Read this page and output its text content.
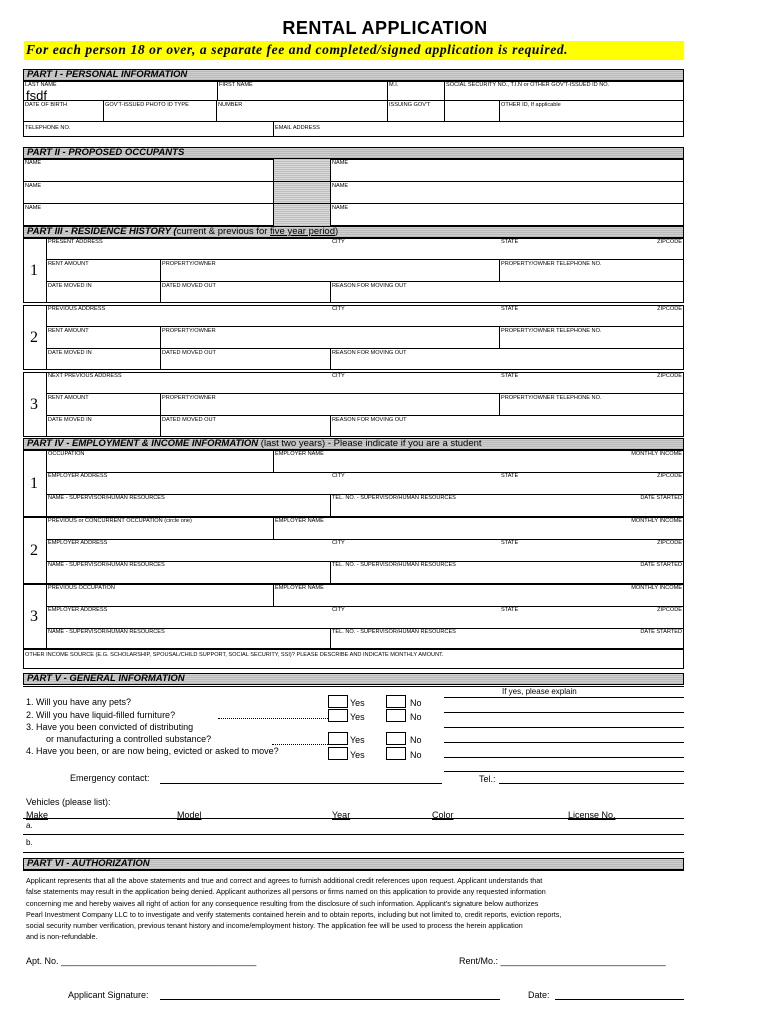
RENTAL APPLICATION
For each person 18 or over, a separate fee and completed/signed application is required.
PART I - PERSONAL INFORMATION
LAST NAME
fsdf
FIRST NAME	M.I.	SOCIAL SECURITY NO., T.I.N or OTHER GOV'T-ISSUED ID NO.
DATE OF BIRTH	GOV'T-ISSUED PHOTO ID TYPE	NUMBER	ISSUING GOV'T	OTHER ID, If applicable
TELEPHONE NO.	EMAIL ADDRESS
PART II - PROPOSED OCCUPANTS
NAME	NAME
NAME	NAME
NAME	NAME
PART III - RESIDENCE HISTORY (current & previous for five year period)
1
PRESENT ADDRESS	CITY	STATE	ZIPCODE
RENT AMOUNT	PROPERTY/OWNER	PROPERTY/OWNER TELEPHONE NO.
DATE MOVED IN	DATED MOVED OUT	REASON FOR MOVING OUT
2
PREVIOUS ADDRESS	CITY	STATE	ZIPCODE
RENT AMOUNT	PROPERTY/OWNER	PROPERTY/OWNER TELEPHONE NO.
DATE MOVED IN	DATED MOVED OUT	REASON FOR MOVING OUT
3
NEXT PREVIOUS ADDRESS	CITY	STATE	ZIPCODE
RENT AMOUNT	PROPERTY/OWNER	PROPERTY/OWNER TELEPHONE NO.
DATE MOVED IN	DATED MOVED OUT	REASON FOR MOVING OUT
PART IV - EMPLOYMENT & INCOME INFORMATION (last two years) - Please indicate if you are a student
1
OCCUPATION	EMPLOYER NAME	MONTHLY INCOME
EMPLOYER ADDRESS	CITY	STATE	ZIPCODE
NAME - SUPERVISOR/HUMAN RESOURCES	TEL. NO. - SUPERVISOR/HUMAN RESOURCES	DATE STARTED
2
PREVIOUS or CONCURRENT OCCUPATION (circle one)	EMPLOYER NAME	MONTHLY INCOME
EMPLOYER ADDRESS	CITY	STATE	ZIPCODE
NAME - SUPERVISOR/HUMAN RESOURCES	TEL. NO. - SUPERVISOR/HUMAN RESOURCES	DATE STARTED
3
PREVIOUS OCCUPATION	EMPLOYER NAME	MONTHLY INCOME
EMPLOYER ADDRESS	CITY	STATE	ZIPCODE
NAME - SUPERVISOR/HUMAN RESOURCES	TEL. NO. - SUPERVISOR/HUMAN RESOURCES	DATE STARTED
OTHER INCOME SOURCE (E.G. SCHOLARSHIP, SPOUSAL/CHILD SUPPORT, SOCIAL SECURITY, SSI)? PLEASE DESCRIBE AND INDICATE MONTHLY AMOUNT.
PART V - GENERAL INFORMATION
If yes, please explain
1. Will you have any pets?
2. Will you have liquid-filled furniture?
3. Have you been convicted of distributing
or manufacturing a controlled substance?
4. Have you been, or are now being, evicted or asked to move?
Yes	No
Yes	No
Yes	No
Yes	No
Emergency contact:	Tel.:
Vehicles (please list):
Make	Model	Year	Color	License No.
a.
b.
PART VI - AUTHORIZATION
Applicant represents that all the above statements and true and correct and agrees to furnish additional credit references upon request. Applicant understands that
false statements may result in the application being denied. Applicant authorizes all persons or firms named on this application to provide any requested information
concerning me and hereby waives all right of action for any consequence resulting from the disclosure of such information. Applicant's signature below authorizes
Pearl Investment Company LLC to to investigate and verify statements contained herein and to obtain reports, including but not limited to, credit reports, eviction reports,
social security number verification, previous tenant history and income/employment history. The application fee will be used to process the herein application
and is non-refundable.
Apt. No. _______________________________________	Rent/Mo.: _________________________________
Applicant Signature:	Date:
